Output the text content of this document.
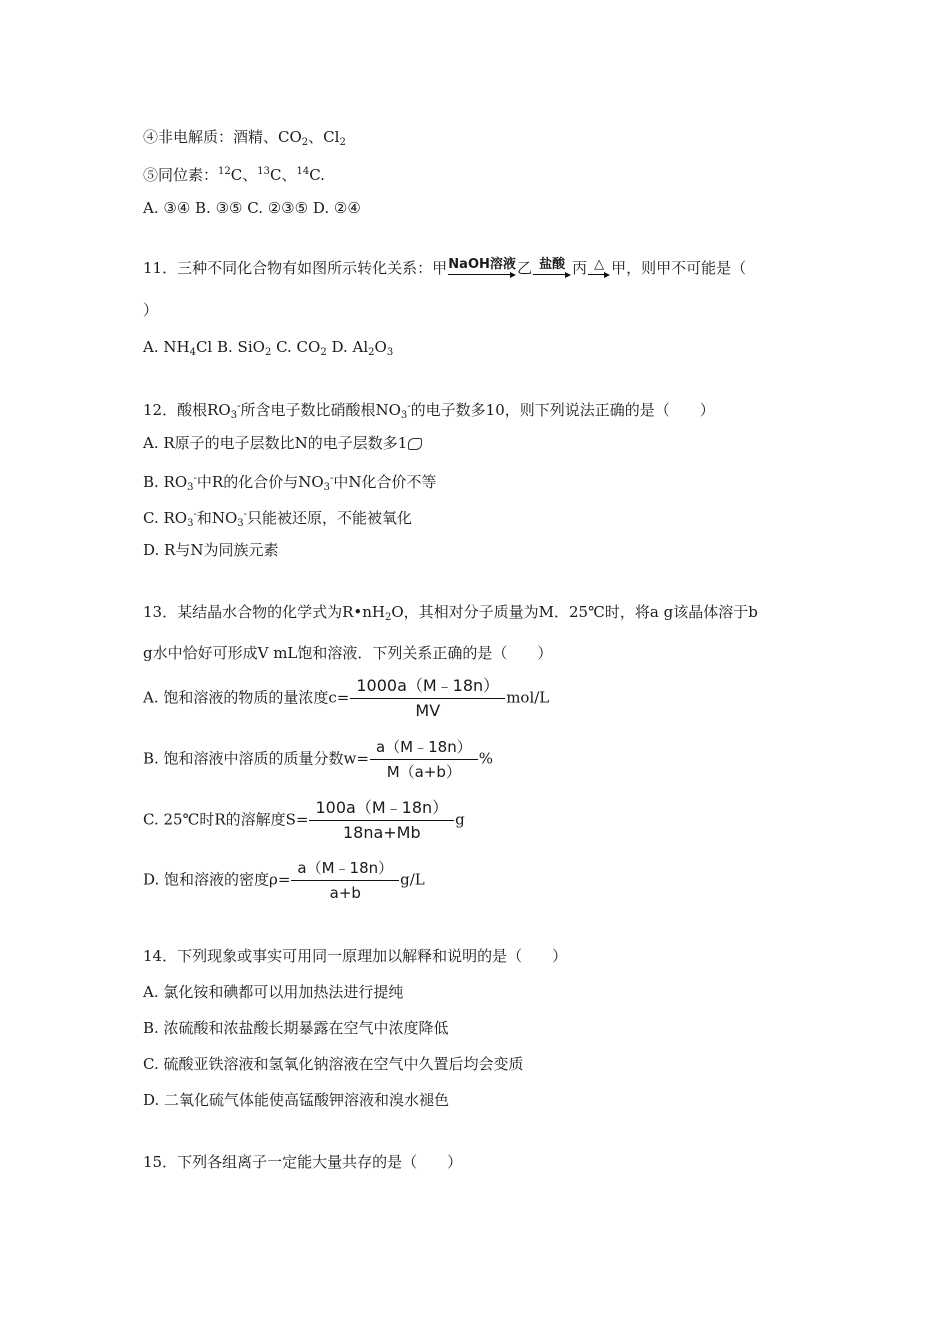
④非电解质：酒精、$CO_2$、$Cl_2$
⑤同位素：$^{12}$C、$^{13}$C、$^{14}$C.
A. ③④ B. ③⑤ C. ②③⑤ D. ②④
11．三种不同化合物有如图所示转化关系：甲 NaOH溶液 乙 盐酸 丙 △ 甲，则甲不可能是（
）
A. $NH_4Cl$ B. SiO$_2$ C. $CO_2$ D. $Al_2O_3$
12．酸根$RO_3^-$所含电子数比硝酸根$NO_3^-$的电子数多10，则下列说法正确的是（　　）
A. R原子的电子层数比N的电子层数多1
B. $RO_3^-$中R的化合价与$NO_3^-$中N化合价不等
C. $RO_3^-$和$NO_3^-$只能被还原，不能被氧化
D. R与N为同族元素
13．某结晶水合物的化学式为$R•nH_2O$，其相对分子质量为M．25℃时，将a g该晶体溶于b
g水中恰好可形成V mL饱和溶液．下列关系正确的是（　　）
A. 饱和溶液的物质的量浓度$c= \frac{1000a(M﹣18n)}{MV} mol/L$
B. 饱和溶液中溶质的质量分数$w= \frac{a(M﹣18n)}{M(a+b)}$ %
C. 25℃时R的溶解度$S= \frac{100a(M﹣18n)}{18na+Mb}$ g
D. 饱和溶液的密度$\rho= \frac{a(M﹣18n)}{a+b} g/L$
14．下列现象或事实可用同一原理加以解释和说明的是（　　）
A. 氯化铵和碘都可以用加热法进行提纯
B. 浓硫酸和浓盐酸长期暴露在空气中浓度降低
C. 硫酸亚铁溶液和氢氧化钠溶液在空气中久置后均会变质
D. 二氧化硫气体能使高锰酸钾溶液和溴水褪色
15．下列各组离子一定能大量共存的是（　　）
